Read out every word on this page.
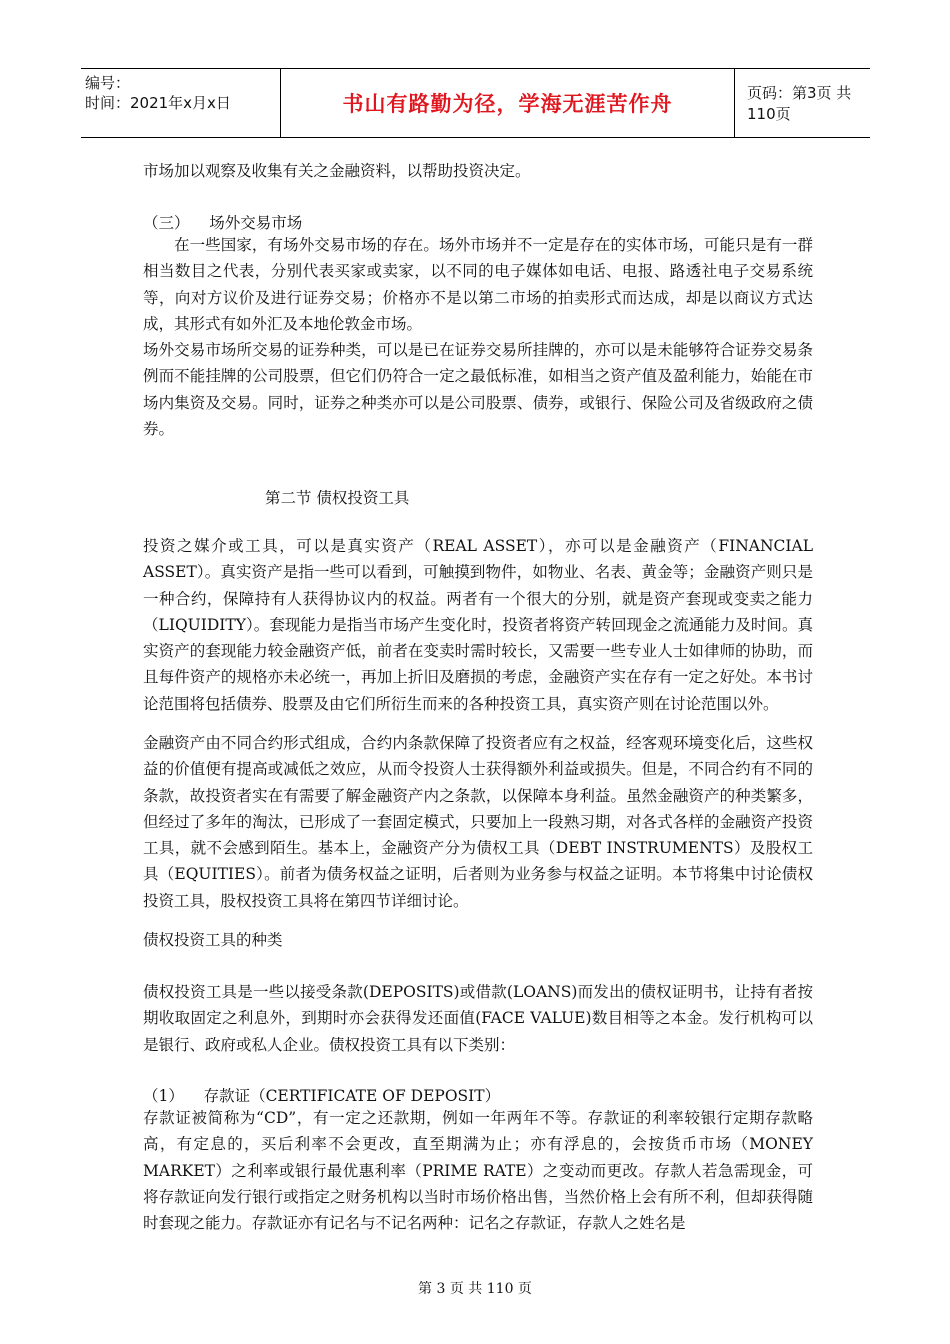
编号：
时间：2021年x月x日	书山有路勤为径，学海无涯苦作舟	页码：第3页 共110页

市场加以观察及收集有关之金融资料，以帮助投资决定。

（三）    场外交易市场

在一些国家，有场外交易市场的存在。场外市场并不一定是存在的实体市场，可能只是有一群相当数目之代表，分别代表买家或卖家，以不同的电子媒体如电话、电报、路透社电子交易系统等，向对方议价及进行证券交易；价格亦不是以第二市场的拍卖形式而达成，却是以商议方式达成，其形式有如外汇及本地伦敦金市场。

场外交易市场所交易的证券种类，可以是已在证券交易所挂牌的，亦可以是未能够符合证券交易条例而不能挂牌的公司股票，但它们仍符合一定之最低标准，如相当之资产值及盈利能力，始能在市场内集资及交易。同时，证券之种类亦可以是公司股票、债券，或银行、保险公司及省级政府之债券。

第二节 债权投资工具

投资之媒介或工具，可以是真实资产（REAL ASSET），亦可以是金融资产（FINANCIAL ASSET）。真实资产是指一些可以看到，可触摸到物件，如物业、名表、黄金等；金融资产则只是一种合约，保障持有人获得协议内的权益。两者有一个很大的分别，就是资产套现或变卖之能力（LIQUIDITY）。套现能力是指当市场产生变化时，投资者将资产转回现金之流通能力及时间。真实资产的套现能力较金融资产低，前者在变卖时需时较长，又需要一些专业人士如律师的协助，而且每件资产的规格亦未必统一，再加上折旧及磨损的考虑，金融资产实在存有一定之好处。本书讨论范围将包括债券、股票及由它们所衍生而来的各种投资工具，真实资产则在讨论范围以外。

金融资产由不同合约形式组成，合约内条款保障了投资者应有之权益，经客观环境变化后，这些权益的价值便有提高或减低之效应，从而令投资人士获得额外利益或损失。但是，不同合约有不同的条款，故投资者实在有需要了解金融资产内之条款，以保障本身利益。虽然金融资产的种类繁多，但经过了多年的淘汰，已形成了一套固定模式，只要加上一段熟习期，对各式各样的金融资产投资工具，就不会感到陌生。基本上，金融资产分为债权工具（DEBT INSTRUMENTS）及股权工具（EQUITIES）。前者为债务权益之证明，后者则为业务参与权益之证明。本节将集中讨论债权投资工具，股权投资工具将在第四节详细讨论。

债权投资工具的种类

债权投资工具是一些以接受条款(DEPOSITS)或借款(LOANS)而发出的债权证明书，让持有者按期收取固定之利息外，到期时亦会获得发还面值(FACE VALUE)数目相等之本金。发行机构可以是银行、政府或私人企业。债权投资工具有以下类别：

（1）    存款证（CERTIFICATE OF DEPOSIT）

存款证被简称为“CD”，有一定之还款期，例如一年两年不等。存款证的利率较银行定期存款略高，有定息的，买后利率不会更改，直至期满为止；亦有浮息的，会按货币市场（MONEY MARKET）之利率或银行最优惠利率（PRIME RATE）之变动而更改。存款人若急需现金，可将存款证向发行银行或指定之财务机构以当时市场价格出售，当然价格上会有所不利，但却获得随时套现之能力。存款证亦有记名与不记名两种：记名之存款证，存款人之姓名是

第 3 页 共 110 页
